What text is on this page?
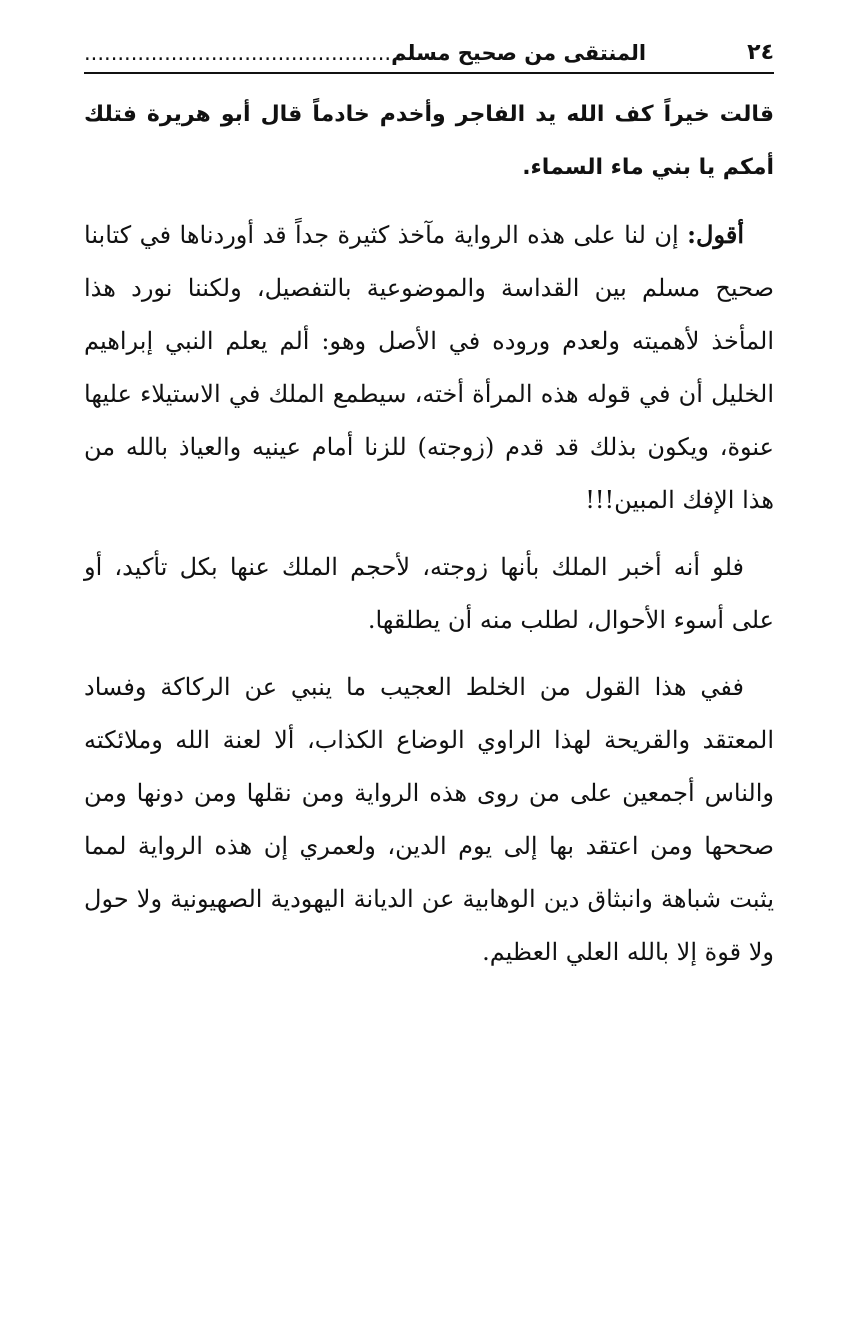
٢٤
المنتقى من صحيح مسلم..............................................

قالت خيراً كف الله يد الفاجر وأخدم خادماً قال أبو هريرة فتلك أمكم يا بني ماء السماء.

أقول: إن لنا على هذه الرواية مآخذ كثيرة جداً قد أوردناها في كتابنا صحيح مسلم بين القداسة والموضوعية بالتفصيل، ولكننا نورد هذا المأخذ لأهميته ولعدم وروده في الأصل وهو: ألم يعلم النبي إبراهيم الخليل أن في قوله هذه المرأة أخته، سيطمع الملك في الاستيلاء عليها عنوة، ويكون بذلك قد قدم (زوجته) للزنا أمام عينيه والعياذ بالله من هذا الإفك المبين!!!

فلو أنه أخبر الملك بأنها زوجته، لأحجم الملك عنها بكل تأكيد، أو على أسوء الأحوال، لطلب منه أن يطلقها.

ففي هذا القول من الخلط العجيب ما ينبي عن الركاكة وفساد المعتقد والقريحة لهذا الراوي الوضاع الكذاب، ألا لعنة الله وملائكته والناس أجمعين على من روى هذه الرواية ومن نقلها ومن دونها ومن صححها ومن اعتقد بها إلى يوم الدين، ولعمري إن هذه الرواية لمما يثبت شباهة وانبثاق دين الوهابية عن الديانة اليهودية الصهيونية ولا حول ولا قوة إلا بالله العلي العظيم.
